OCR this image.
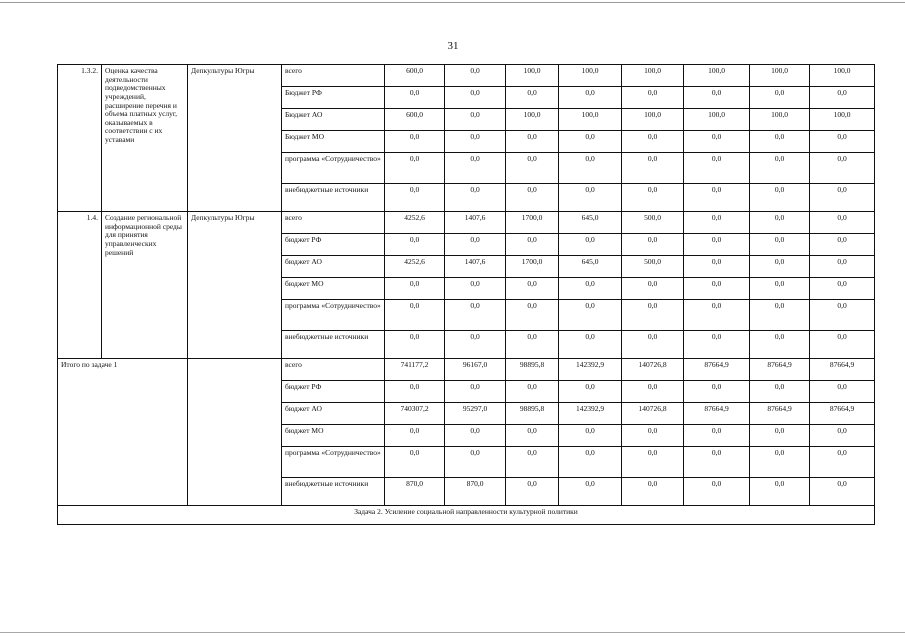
31
1.3.2.	Оценка качества деятельности подведомственных учреждений, расширение перечня и объема платных услуг, оказываемых в соответствии с их уставами	Депкультуры Югры	всего	600,0	0,0	100,0	100,0	100,0	100,0	100,0	100,0
			Бюджет РФ	0,0	0,0	0,0	0,0	0,0	0,0	0,0	0,0
			Бюджет АО	600,0	0,0	100,0	100,0	100,0	100,0	100,0	100,0
			Бюджет МО	0,0	0,0	0,0	0,0	0,0	0,0	0,0	0,0
			программа «Сотрудничество»	0,0	0,0	0,0	0,0	0,0	0,0	0,0	0,0
			внебюджетные источники	0,0	0,0	0,0	0,0	0,0	0,0	0,0	0,0
1.4.	Создание региональной информационной среды для принятия управленческих решений	Депкультуры Югры	всего	4252,6	1407,6	1700,0	645,0	500,0	0,0	0,0	0,0
			бюджет РФ	0,0	0,0	0,0	0,0	0,0	0,0	0,0	0,0
			бюджет АО	4252,6	1407,6	1700,0	645,0	500,0	0,0	0,0	0,0
			бюджет МО	0,0	0,0	0,0	0,0	0,0	0,0	0,0	0,0
			программа «Сотрудничество»	0,0	0,0	0,0	0,0	0,0	0,0	0,0	0,0
			внебюджетные источники	0,0	0,0	0,0	0,0	0,0	0,0	0,0	0,0
Итого по задаче 1			всего	741177,2	96167,0	98895,8	142392,9	140726,8	87664,9	87664,9	87664,9
			бюджет РФ	0,0	0,0	0,0	0,0	0,0	0,0	0,0	0,0
			бюджет АО	740307,2	95297,0	98895,8	142392,9	140726,8	87664,9	87664,9	87664,9
			бюджет МО	0,0	0,0	0,0	0,0	0,0	0,0	0,0	0,0
			программа «Сотрудничество»	0,0	0,0	0,0	0,0	0,0	0,0	0,0	0,0
			внебюджетные источники	870,0	870,0	0,0	0,0	0,0	0,0	0,0	0,0
Задача 2. Усиление социальной направленности культурной политики											
